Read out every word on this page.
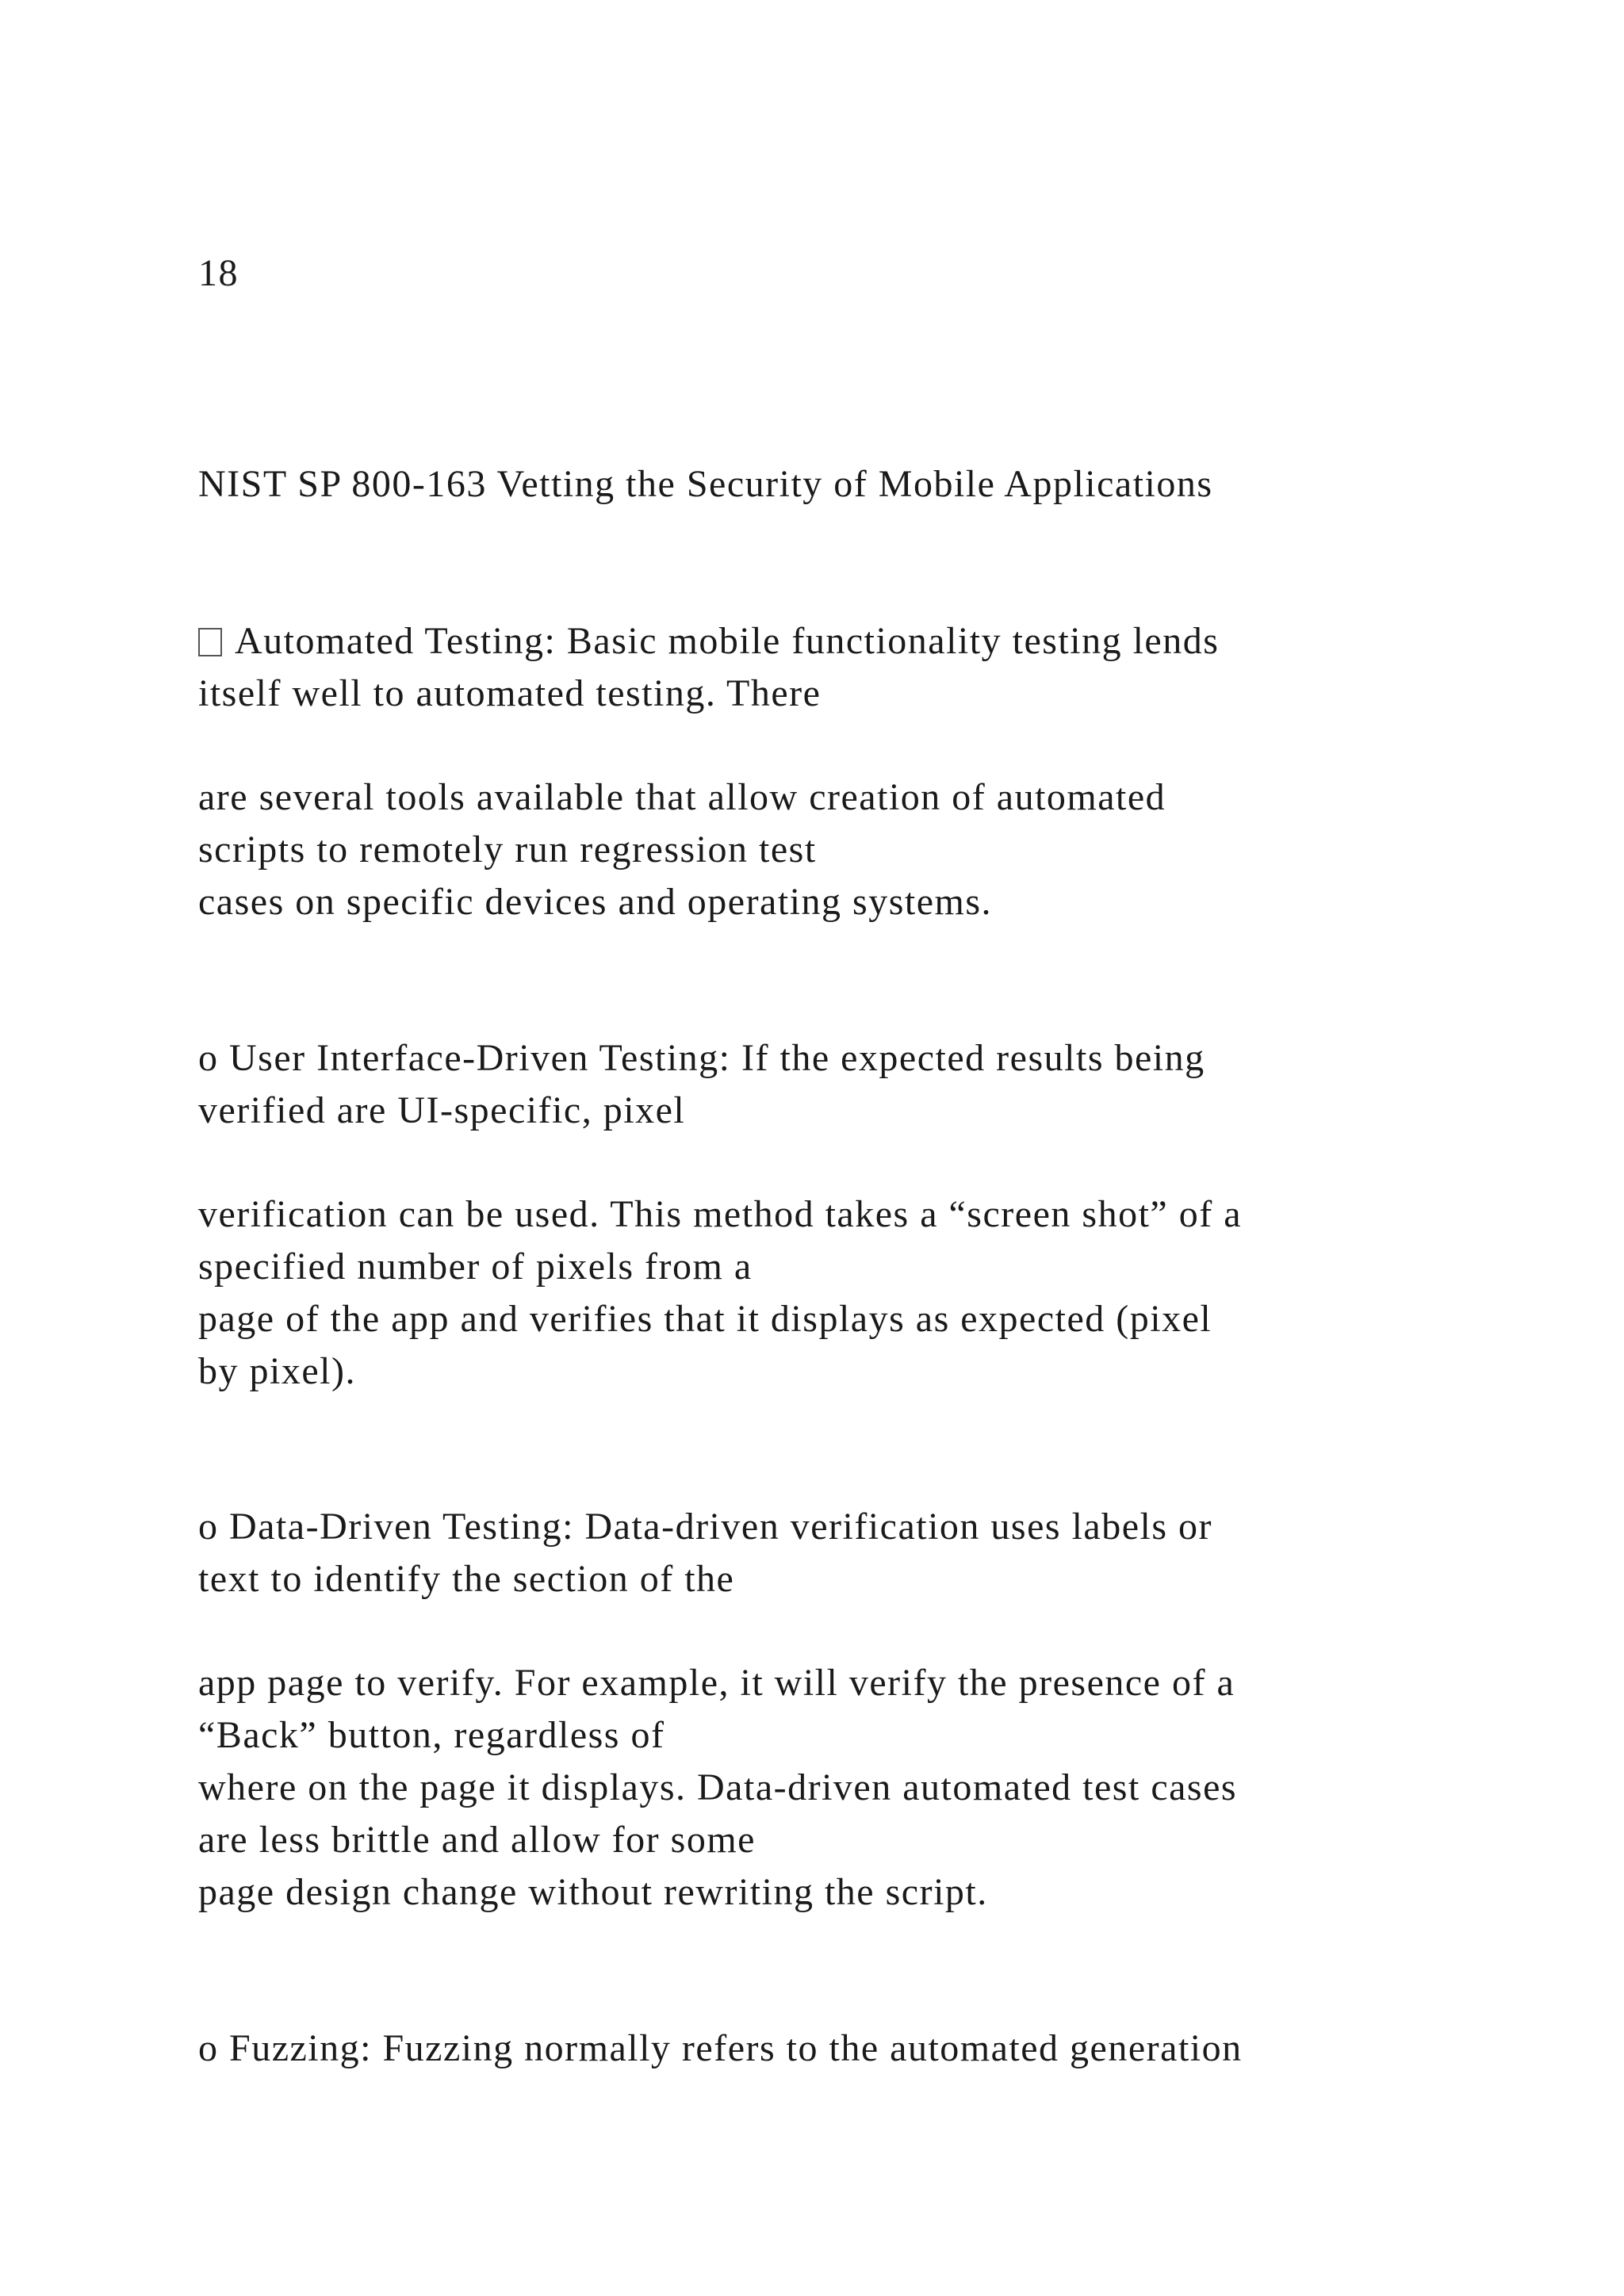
18
NIST SP 800-163 Vetting the Security of Mobile Applications
Automated Testing: Basic mobile functionality testing lends
itself well to automated testing. There
are several tools available that allow creation of automated
scripts to remotely run regression test
cases on specific devices and operating systems.
o User Interface-Driven Testing: If the expected results being
verified are UI-specific, pixel
verification can be used. This method takes a “screen shot” of a
specified number of pixels from a
page of the app and verifies that it displays as expected (pixel
by pixel).
o Data-Driven Testing: Data-driven verification uses labels or
text to identify the section of the
app page to verify. For example, it will verify the presence of a
“Back” button, regardless of
where on the page it displays. Data-driven automated test cases
are less brittle and allow for some
page design change without rewriting the script.
o Fuzzing: Fuzzing normally refers to the automated generation
